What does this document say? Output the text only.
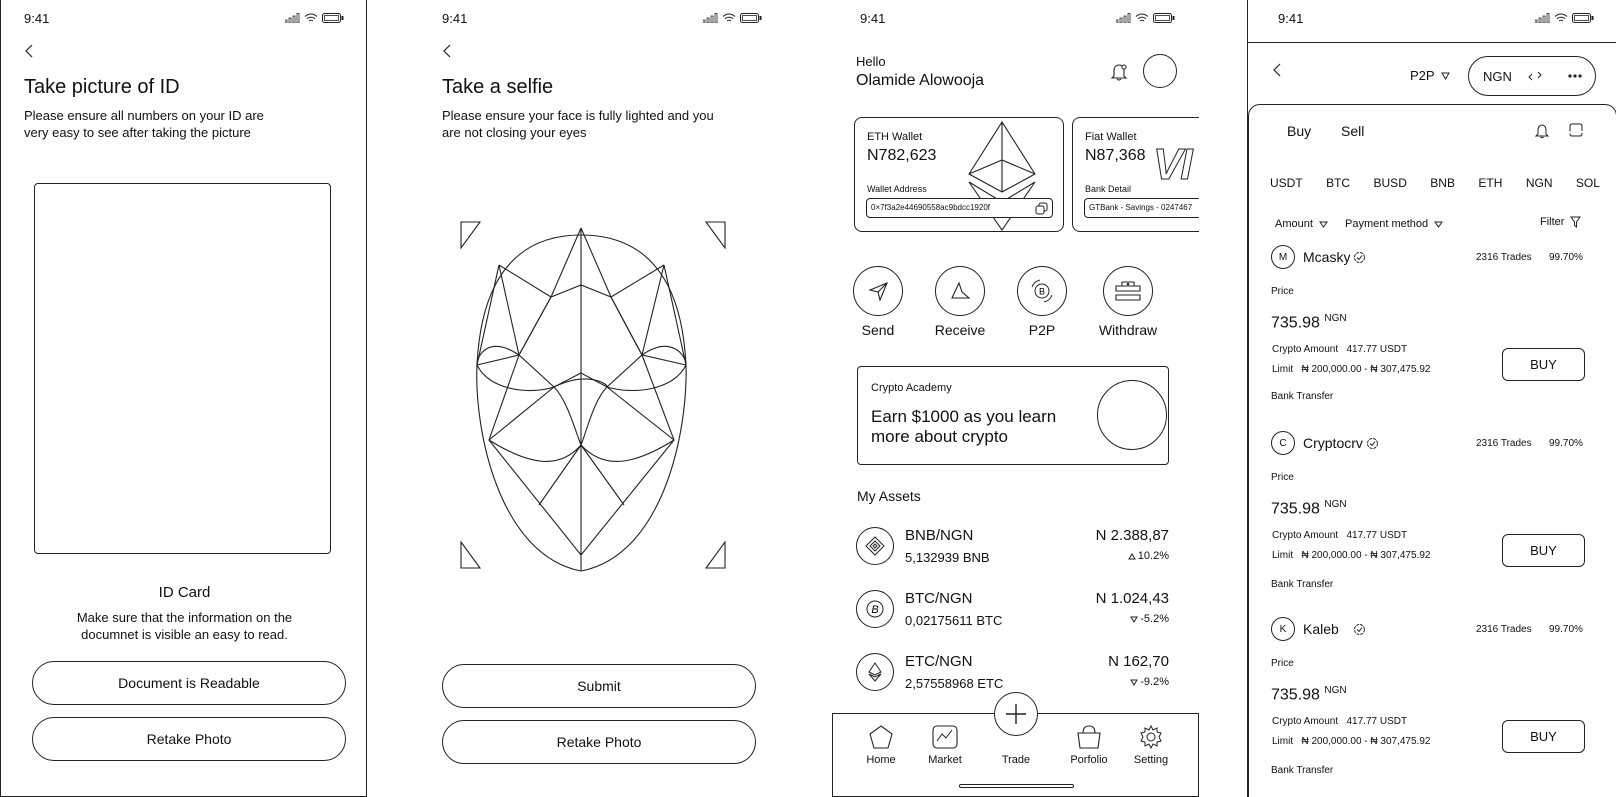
9:41
Take picture of ID
Please ensure all numbers on your ID are very easy to see after taking the picture
ID Card
Make sure that the information on the documnet is visible an easy to read.
Document is Readable
Retake Photo
9:41
Take a selfie
Please ensure your face is fully lighted and you are not closing your eyes
Submit
Retake Photo
9:41
Hello
Olamide Alowooja
ETH Wallet
N782,623
Wallet Address
0×7f3a2e44690558ac9bdcc1920f
Fiat Wallet
N87,368 VI
Bank Detail
GTBank - Savings - 0247467
Send	Receive
B
P2P	Withdraw
Crypto Academy
Earn $1000 as you learn more about crypto
My Assets
BNB/NGN
5,132939 BNB
N 2.388,87
10.2%
B
BTC/NGN
0,02175611 BTC
N 1.024,43
-5.2%
ETC/NGN
2,57558968 ETC
N 162,70
-9.2%
Home	Market	Trade	Porfolio	Setting
9:41
P2P	NGN
Buy Sell
USDT BTC BUSD BNB ETH NGN SOL
Amount	Payment method	Filter
M Mcasky	2316 Trades 99.70%
Price
735.98 $^{NGN}$
Crypto Amount 417.77 USDT
Limit ₦ 200,000.00 - ₦ 307,475.92
Bank Transfer
BUY
C Cryptocrv	2316 Trades 99.70%
Price
735.98 $^{NGN}$
Crypto Amount 417.77 USDT
Limit ₦ 200,000.00 - ₦ 307,475.92
Bank Transfer
BUY
K Kaleb	2316 Trades 99.70%
Price
735.98 $^{NGN}$
Crypto Amount 417.77 USDT
Limit ₦ 200,000.00 - ₦ 307,475.92
Bank Transfer
BUY
